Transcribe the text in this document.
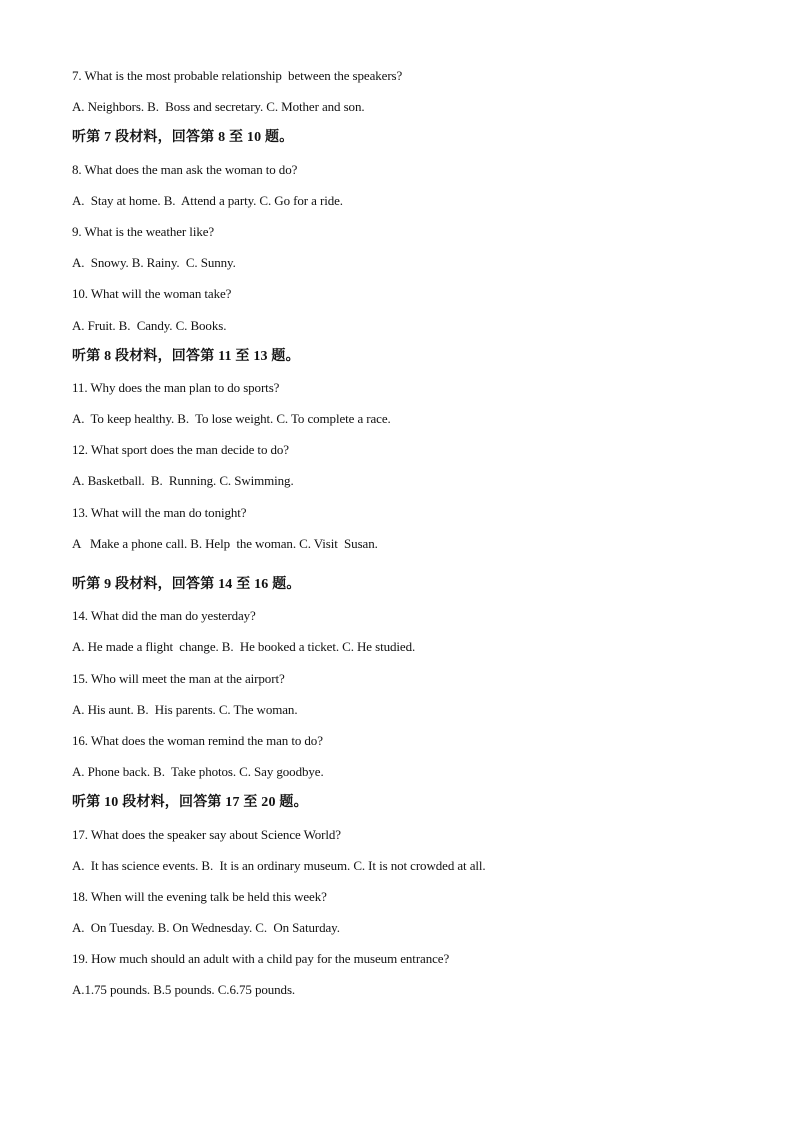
7. What is the most probable relationship  between the speakers?
A. Neighbors. B.  Boss and secretary. C. Mother and son.
听第 7 段材料，回答第 8 至 10 题。
8. What does the man ask the woman to do?
A.  Stay at home. B.  Attend a party. C. Go for a ride.
9. What is the weather like?
A.  Snowy. B. Rainy.  C. Sunny.
10. What will the woman take?
A. Fruit. B.  Candy. C. Books.
听第 8 段材料，回答第 11 至 13 题。
11. Why does the man plan to do sports?
A.  To keep healthy. B.  To lose weight. C. To complete a race.
12. What sport does the man decide to do?
A. Basketball.  B.  Running. C. Swimming.
13. What will the man do tonight?
A   Make a phone call. B. Help  the woman. C. Visit  Susan.
听第 9 段材料，回答第 14 至 16 题。
14. What did the man do yesterday?
A. He made a flight  change. B.  He booked a ticket. C. He studied.
15. Who will meet the man at the airport?
A. His aunt. B.  His parents. C. The woman.
16. What does the woman remind the man to do?
A. Phone back. B.  Take photos. C. Say goodbye.
听第 10 段材料，回答第 17 至 20 题。
17. What does the speaker say about Science World?
A.  It has science events. B.  It is an ordinary museum. C. It is not crowded at all.
18. When will the evening talk be held this week?
A.  On Tuesday. B. On Wednesday. C.  On Saturday.
19. How much should an adult with a child pay for the museum entrance?
A.1.75 pounds. B.5 pounds. C.6.75 pounds.
